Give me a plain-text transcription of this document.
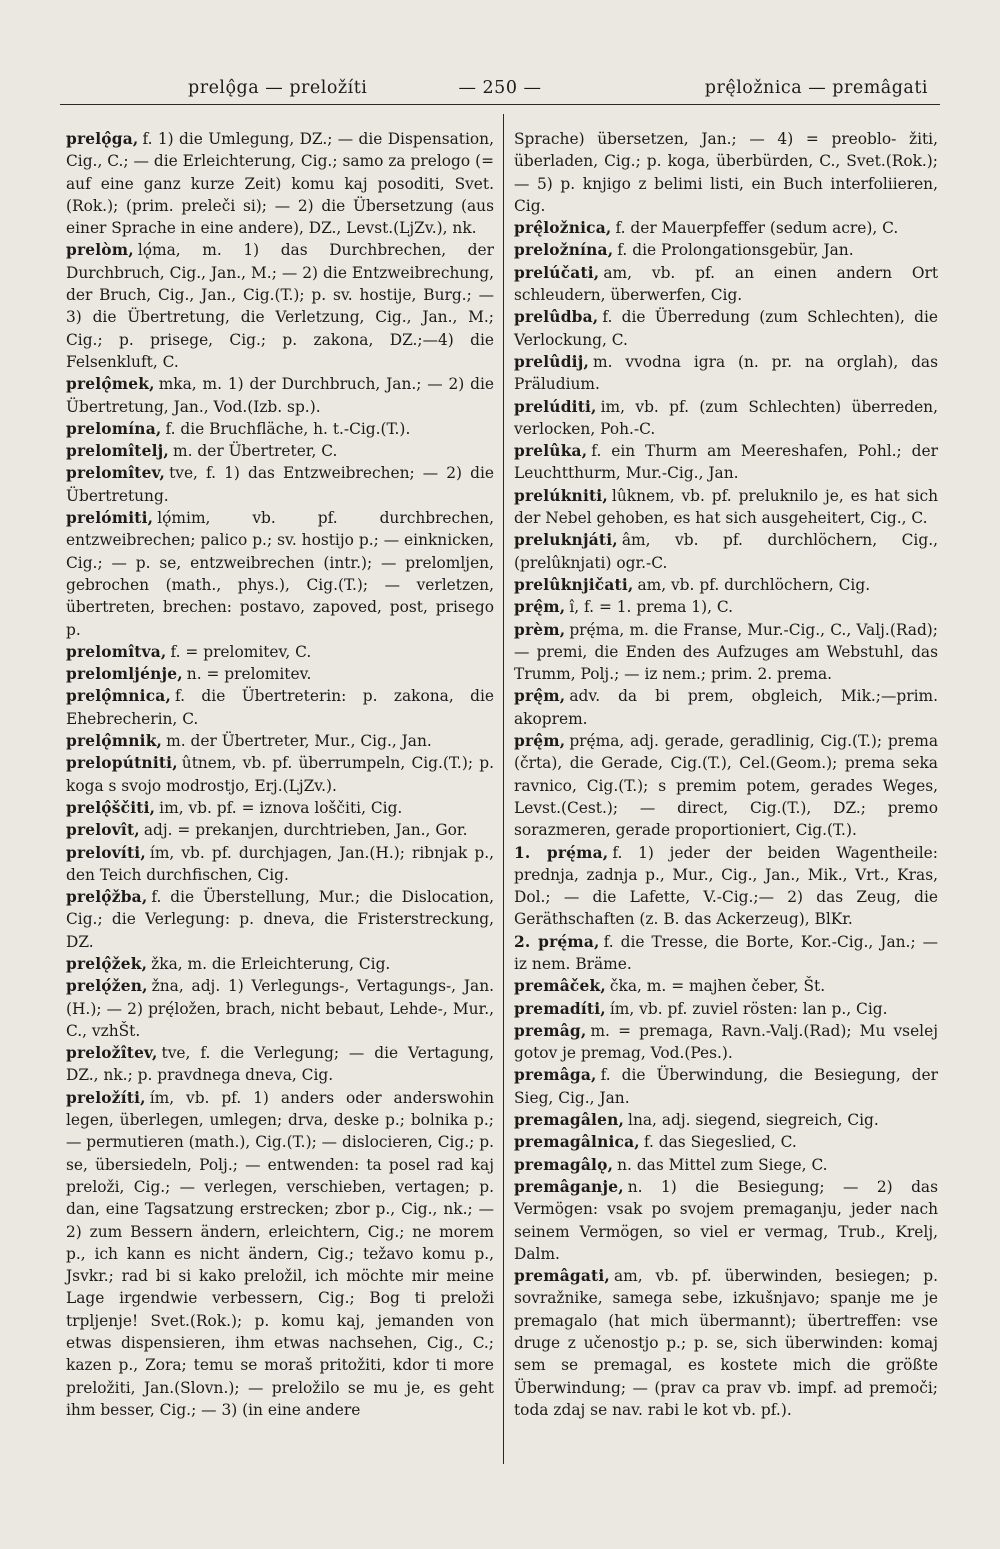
prelǫ̂ga — preložíti	— 250 —	prę̂ložnica — premâgati
prelǫ̂ga, f. 1) die Umlegung, DZ.; — die Dispensation, Cig., C.; — die Erleichterung, Cig.; samo za prelogo (= auf eine ganz kurze Zeit) komu kaj posoditi, Svet.(Rok.); (prim. preleči si); — 2) die Übersetzung (aus einer Sprache in eine andere), DZ., Levst.(LjZv.), nk.
prelòm, lǫ́ma, m. 1) das Durchbrechen, der Durchbruch, Cig., Jan., M.; — 2) die Entzweibrechung, der Bruch, Cig., Jan., Cig.(T.); p. sv. hostije, Burg.; — 3) die Übertretung, die Verletzung, Cig., Jan., M.; Cig.; p. prisege, Cig.; p. zakona, DZ.;—4) die Felsenkluft, C.
prelǫ̂mek, mka, m. 1) der Durchbruch, Jan.; — 2) die Übertretung, Jan., Vod.(Izb. sp.).
prelomína, f. die Bruchfläche, h. t.-Cig.(T.).
prelomîtelj, m. der Übertreter, C.
prelomîtev, tve, f. 1) das Entzweibrechen; — 2) die Übertretung.
prelómiti, lǫ́mim, vb. pf. durchbrechen, entzweibrechen; palico p.; sv. hostijo p.; — einknicken, Cig.; — p. se, entzweibrechen (intr.); — prelomljen, gebrochen (math., phys.), Cig.(T.); — verletzen, übertreten, brechen: postavo, zapoved, post, prisego p.
prelomîtva, f. = prelomitev, C.
prelomljénje, n. = prelomitev.
prelǫ̂mnica, f. die Übertreterin: p. zakona, die Ehebrecherin, C.
prelǫ̂mnik, m. der Übertreter, Mur., Cig., Jan.
prelopútniti, ûtnem, vb. pf. überrumpeln, Cig.(T.); p. koga s svojo modrostjo, Erj.(LjZv.).
prelǫ̂ščiti, im, vb. pf. = iznova loščiti, Cig.
prelovît, adj. = prekanjen, durchtrieben, Jan., Gor.
prelovíti, ím, vb. pf. durchjagen, Jan.(H.); ribnjak p., den Teich durchfischen, Cig.
prelǫ̂žba, f. die Überstellung, Mur.; die Dislocation, Cig.; die Verlegung: p. dneva, die Fristerstreckung, DZ.
prelǫ̂žek, žka, m. die Erleichterung, Cig.
prelǫ́žen, žna, adj. 1) Verlegungs-, Vertagungs-, Jan.(H.); — 2) prę́ložen, brach, nicht bebaut, Lehde-, Mur., C., vzhŠt.
preložîtev, tve, f. die Verlegung; — die Vertagung, DZ., nk.; p. pravdnega dneva, Cig.
preložíti, ím, vb. pf. 1) anders oder anderswohin legen, überlegen, umlegen; drva, deske p.; bolnika p.; — permutieren (math.), Cig.(T.); — dislocieren, Cig.; p. se, übersiedeln, Polj.; — entwenden: ta posel rad kaj preloži, Cig.; — verlegen, verschieben, vertagen; p. dan, eine Tagsatzung erstrecken; zbor p., Cig., nk.; — 2) zum Bessern ändern, erleichtern, Cig.; ne morem p., ich kann es nicht ändern, Cig.; težavo komu p., Jsvkr.; rad bi si kako preložil, ich möchte mir meine Lage irgendwie verbessern, Cig.; Bog ti preloži trpljenje! Svet.(Rok.); p. komu kaj, jemanden von etwas dispensieren, ihm etwas nachsehen, Cig., C.; kazen p., Zora; temu se moraš pritožiti, kdor ti more preložiti, Jan.(Slovn.); — preložilo se mu je, es geht ihm besser, Cig.; — 3) (in eine andere
Sprache) übersetzen, Jan.; — 4) = preoblo- žiti, überladen, Cig.; p. koga, überbürden, C., Svet.(Rok.); — 5) p. knjigo z belimi listi, ein Buch interfoliieren, Cig.
prę̂ložnica, f. der Mauerpfeffer (sedum acre), C.
preložnína, f. die Prolongationsgebür, Jan.
prelúčati, am, vb. pf. an einen andern Ort schleudern, überwerfen, Cig.
prelûdba, f. die Überredung (zum Schlechten), die Verlockung, C.
prelûdij, m. vvodna igra (n. pr. na orglah), das Präludium.
prelúditi, im, vb. pf. (zum Schlechten) überreden, verlocken, Poh.-C.
prelûka, f. ein Thurm am Meereshafen, Pohl.; der Leuchtthurm, Mur.-Cig., Jan.
prelúkniti, lûknem, vb. pf. preluknilo je, es hat sich der Nebel gehoben, es hat sich ausgeheitert, Cig., C.
preluknjáti, âm, vb. pf. durchlöchern, Cig., (prelûknjati) ogr.-C.
prelûknjičati, am, vb. pf. durchlöchern, Cig.
prę̂m, î, f. = 1. prema 1), C.
prèm, prę́ma, m. die Franse, Mur.-Cig., C., Valj.(Rad); — premi, die Enden des Aufzuges am Webstuhl, das Trumm, Polj.; — iz nem.; prim. 2. prema.
prę̂m, adv. da bi prem, obgleich, Mik.;—prim. akoprem.
prę̂m, prę́ma, adj. gerade, geradlinig, Cig.(T.); prema (črta), die Gerade, Cig.(T.), Cel.(Geom.); prema seka ravnico, Cig.(T.); s premim potem, gerades Weges, Levst.(Cest.); — direct, Cig.(T.), DZ.; premo sorazmeren, gerade proportioniert, Cig.(T.).
1. prę́ma, f. 1) jeder der beiden Wagentheile: prednja, zadnja p., Mur., Cig., Jan., Mik., Vrt., Kras, Dol.; — die Lafette, V.-Cig.;— 2) das Zeug, die Geräthschaften (z. B. das Ackerzeug), BlKr.
2. prę́ma, f. die Tresse, die Borte, Kor.-Cig., Jan.; — iz nem. Bräme.
premâček, čka, m. = majhen čeber, Št.
premadíti, ím, vb. pf. zuviel rösten: lan p., Cig.
premâg, m. = premaga, Ravn.-Valj.(Rad); Mu vselej gotov je premag, Vod.(Pes.).
premâga, f. die Überwindung, die Besiegung, der Sieg, Cig., Jan.
premagâlen, lna, adj. siegend, siegreich, Cig.
premagâlnica, f. das Siegeslied, C.
premagâlǫ, n. das Mittel zum Siege, C.
premâganje, n. 1) die Besiegung; — 2) das Vermögen: vsak po svojem premaganju, jeder nach seinem Vermögen, so viel er vermag, Trub., Krelj, Dalm.
premâgati, am, vb. pf. überwinden, besiegen; p. sovražnike, samega sebe, izkušnjavo; spanje me je premagalo (hat mich übermannt); übertreffen: vse druge z učenostjo p.; p. se, sich überwinden: komaj sem se premagal, es kostete mich die größte Überwindung; — (prav ca prav vb. impf. ad premoči; toda zdaj se nav. rabi le kot vb. pf.).
